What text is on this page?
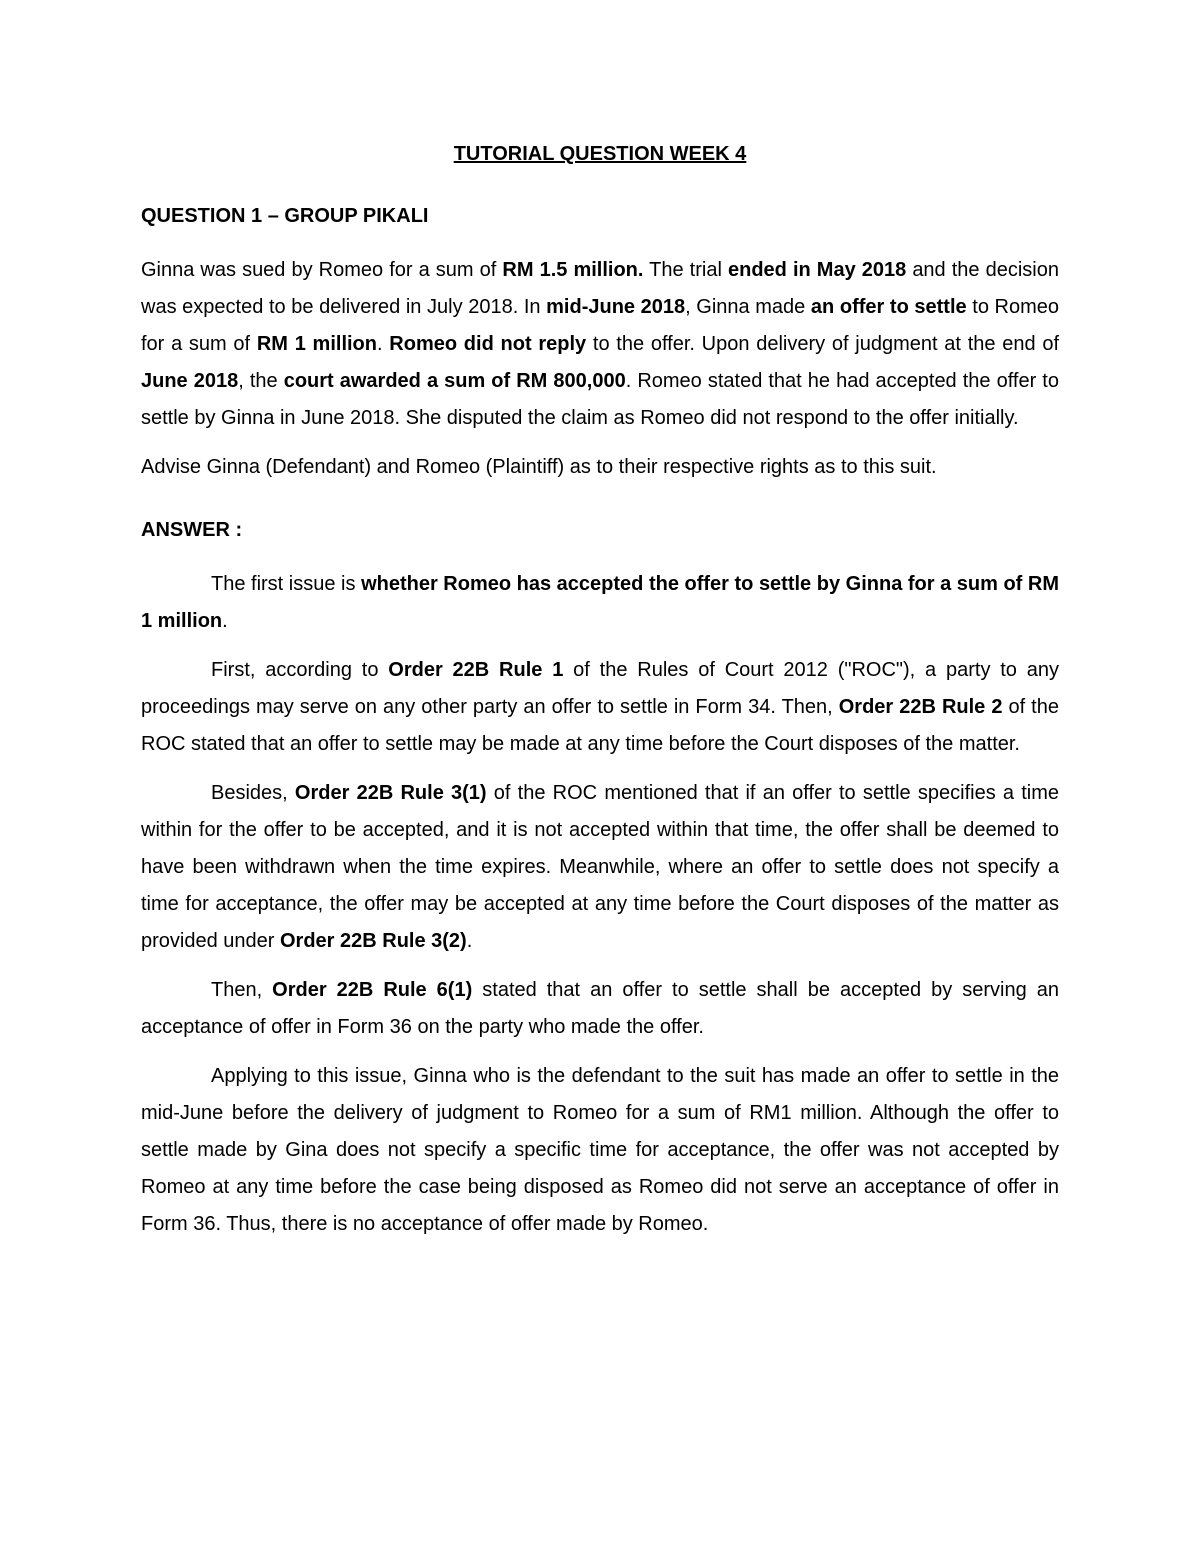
TUTORIAL QUESTION WEEK 4
QUESTION 1 – GROUP PIKALI

Ginna was sued by Romeo for a sum of RM 1.5 million. The trial ended in May 2018 and the decision was expected to be delivered in July 2018. In mid-June 2018, Ginna made an offer to settle to Romeo for a sum of RM 1 million. Romeo did not reply to the offer. Upon delivery of judgment at the end of June 2018, the court awarded a sum of RM 800,000. Romeo stated that he had accepted the offer to settle by Ginna in June 2018. She disputed the claim as Romeo did not respond to the offer initially.

Advise Ginna (Defendant) and Romeo (Plaintiff) as to their respective rights as to this suit.

ANSWER :

The first issue is whether Romeo has accepted the offer to settle by Ginna for a sum of RM 1 million.

First, according to Order 22B Rule 1 of the Rules of Court 2012 ("ROC"), a party to any proceedings may serve on any other party an offer to settle in Form 34. Then, Order 22B Rule 2 of the ROC stated that an offer to settle may be made at any time before the Court disposes of the matter.

Besides, Order 22B Rule 3(1) of the ROC mentioned that if an offer to settle specifies a time within for the offer to be accepted, and it is not accepted within that time, the offer shall be deemed to have been withdrawn when the time expires. Meanwhile, where an offer to settle does not specify a time for acceptance, the offer may be accepted at any time before the Court disposes of the matter as provided under Order 22B Rule 3(2).

Then, Order 22B Rule 6(1) stated that an offer to settle shall be accepted by serving an acceptance of offer in Form 36 on the party who made the offer.

Applying to this issue, Ginna who is the defendant to the suit has made an offer to settle in the mid-June before the delivery of judgment to Romeo for a sum of RM1 million. Although the offer to settle made by Gina does not specify a specific time for acceptance, the offer was not accepted by Romeo at any time before the case being disposed as Romeo did not serve an acceptance of offer in Form 36. Thus, there is no acceptance of offer made by Romeo.
